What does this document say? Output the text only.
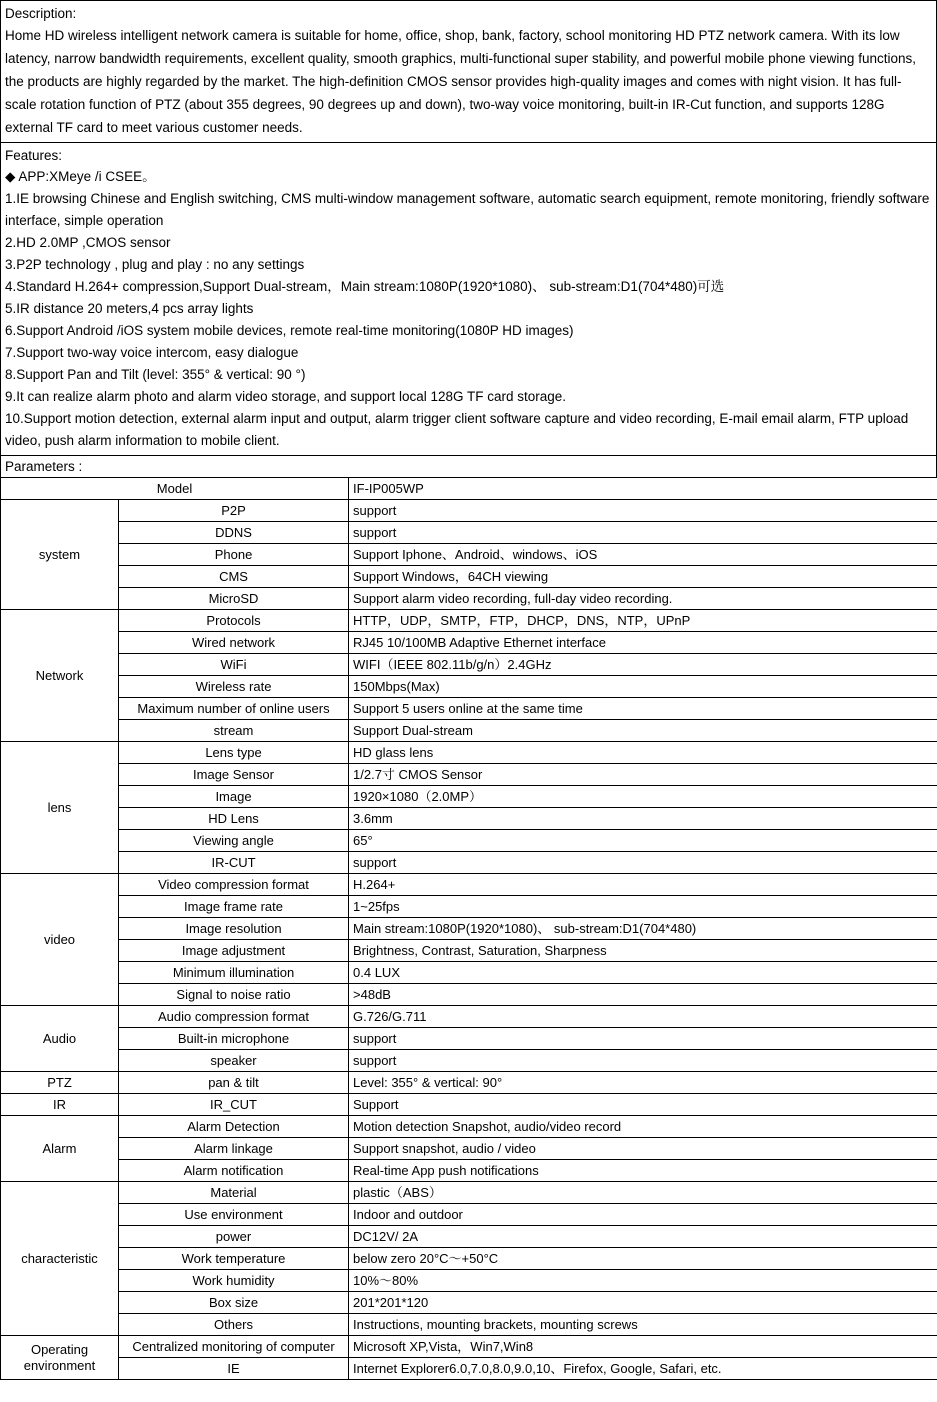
Description:
Home HD wireless intelligent network camera is suitable for home, office, shop, bank, factory, school monitoring HD PTZ network camera. With its low latency, narrow bandwidth requirements, excellent quality, smooth graphics, multi-functional super stability, and powerful mobile phone viewing functions, the products are highly regarded by the market. The high-definition CMOS sensor provides high-quality images and comes with night vision. It has full-scale rotation function of PTZ (about 355 degrees, 90 degrees up and down), two-way voice monitoring, built-in IR-Cut function, and supports 128G external TF card to meet various customer needs.
Features:
◆ APP:XMeye /i CSEE。
1.IE browsing Chinese and English switching, CMS multi-window management software, automatic search equipment, remote monitoring, friendly software interface, simple operation
2.HD 2.0MP ,CMOS sensor
3.P2P technology , plug and play : no any settings
4.Standard H.264+ compression,Support Dual-stream，Main stream:1080P(1920*1080)、 sub-stream:D1(704*480)可选
5.IR distance 20 meters,4 pcs array lights
6.Support Android /iOS system mobile devices, remote real-time monitoring(1080P HD images)
7.Support two-way voice intercom, easy dialogue
8.Support Pan and Tilt (level: 355° & vertical: 90 °)
9.It can realize alarm photo and alarm video storage, and support local 128G TF card storage.
10.Support motion detection, external alarm input and output, alarm trigger client software capture and video recording, E-mail email alarm, FTP upload video, push alarm information to mobile client.
Parameters :
Model		IF-IP005WP
system	P2P	support
	DDNS	support
	Phone	Support Iphone、Android、windows、iOS
	CMS	Support Windows，64CH viewing
	MicroSD	Support alarm video recording, full-day video recording.
Network	Protocols	HTTP，UDP，SMTP，FTP，DHCP，DNS，NTP，UPnP
	Wired network	RJ45 10/100MB Adaptive Ethernet interface
	WiFi	WIFI（IEEE 802.11b/g/n）2.4GHz
	Wireless rate	150Mbps(Max)
	Maximum number of online users	Support 5 users online at the same time
	stream	Support Dual-stream
lens	Lens type	HD glass lens
	Image Sensor	1/2.7寸 CMOS Sensor
	Image	1920×1080（2.0MP）
	HD Lens	3.6mm
	Viewing angle	65°
	IR-CUT	support
video	Video compression format	H.264+
	Image frame rate	1~25fps
	Image resolution	Main stream:1080P(1920*1080)、 sub-stream:D1(704*480)
	Image adjustment	Brightness, Contrast, Saturation, Sharpness
	Minimum illumination	0.4 LUX
	Signal to noise ratio	>48dB
Audio	Audio compression format	G.726/G.711
	Built-in microphone	support
	speaker	support
PTZ	pan & tilt	Level: 355° & vertical: 90°
IR	IR_CUT	Support
Alarm	Alarm Detection	Motion detection Snapshot, audio/video record
	Alarm linkage	Support snapshot, audio / video
	Alarm notification	Real-time App push notifications
characteristic	Material	plastic（ABS）
	Use environment	Indoor and outdoor
	power	DC12V/ 2A
	Work temperature	below zero 20°C～+50°C
	Work humidity	10%～80%
	Box size	201*201*120
	Others	Instructions, mounting brackets, mounting screws
Operating environment	Centralized monitoring of computer	Microsoft XP,Vista，Win7,Win8
	IE	Internet Explorer6.0,7.0,8.0,9.0,10、Firefox, Google, Safari, etc.
